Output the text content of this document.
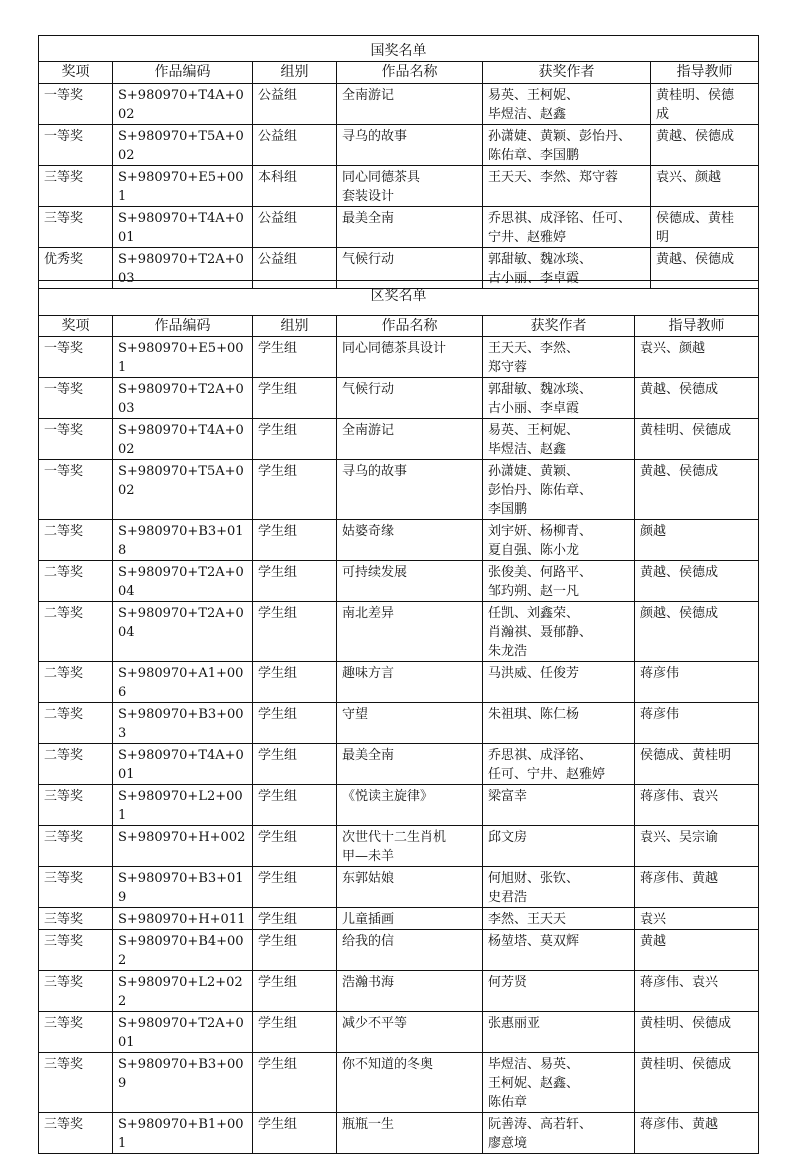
国奖名单					
奖项	作品编码	组别	作品名称	获奖作者	指导教师
一等奖	S+980970+T4A+002	公益组	全南游记	易英、王柯妮、
毕煜洁、赵鑫	黄桂明、侯德
成
一等奖	S+980970+T5A+002	公益组	寻乌的故事	孙潇婕、黄颖、彭怡丹、
陈佑章、李国鹏	黄越、侯德成
三等奖	S+980970+E5+001	本科组	同心同德茶具
套装设计	王天天、李然、郑守蓉	袁兴、颜越
三等奖	S+980970+T4A+001	公益组	最美全南	乔思祺、成泽铭、任可、
宁井、赵雅婷	侯德成、黄桂
明
优秀奖	S+980970+T2A+003	公益组	气候行动	郭甜敏、魏冰琰、
古小丽、李卓霞	黄越、侯德成
区奖名单					
奖项	作品编码	组别	作品名称	获奖作者	指导教师
一等奖	S+980970+E5+001	学生组	同心同德茶具设计	王天天、李然、
郑守蓉	袁兴、颜越
一等奖	S+980970+T2A+003	学生组	气候行动	郭甜敏、魏冰琰、
古小丽、李卓霞	黄越、侯德成
一等奖	S+980970+T4A+002	学生组	全南游记	易英、王柯妮、
毕煜洁、赵鑫	黄桂明、侯德成
一等奖	S+980970+T5A+002	学生组	寻乌的故事	孙潇婕、黄颖、
彭怡丹、陈佑章、
李国鹏	黄越、侯德成
二等奖	S+980970+B3+018	学生组	姑婆奇缘	刘宇妍、杨柳青、
夏自强、陈小龙	颜越
二等奖	S+980970+T2A+004	学生组	可持续发展	张俊美、何路平、
邹玓朔、赵一凡	黄越、侯德成
二等奖	S+980970+T2A+004	学生组	南北差异	任凯、刘鑫荣、
肖瀚祺、聂郁静、
朱龙浩	颜越、侯德成
二等奖	S+980970+A1+006	学生组	趣味方言	马洪威、任俊芳	蒋彦伟
二等奖	S+980970+B3+003	学生组	守望	朱祖琪、陈仁杨	蒋彦伟
二等奖	S+980970+T4A+001	学生组	最美全南	乔思祺、成泽铭、
任可、宁井、赵雅婷	侯德成、黄桂明
三等奖	S+980970+L2+001	学生组	《悦读主旋律》	梁富幸	蒋彦伟、袁兴
三等奖	S+980970+H+002	学生组	次世代十二生肖机
甲—未羊	邱文房	袁兴、吴宗谕
三等奖	S+980970+B3+019	学生组	东郭姑娘	何旭财、张钦、
史君浩	蒋彦伟、黄越
三等奖	S+980970+H+011	学生组	儿童插画	李然、王天天	袁兴
三等奖	S+980970+B4+002	学生组	给我的信	杨堃塔、莫双辉	黄越
三等奖	S+980970+L2+022	学生组	浩瀚书海	何芳贤	蒋彦伟、袁兴
三等奖	S+980970+T2A+001	学生组	减少不平等	张惠丽亚	黄桂明、侯德成
三等奖	S+980970+B3+009	学生组	你不知道的冬奥	毕煜洁、易英、
王柯妮、赵鑫、
陈佑章	黄桂明、侯德成
三等奖	S+980970+B1+001	学生组	瓶瓶一生	阮善涛、高若轩、
廖意境	蒋彦伟、黄越
